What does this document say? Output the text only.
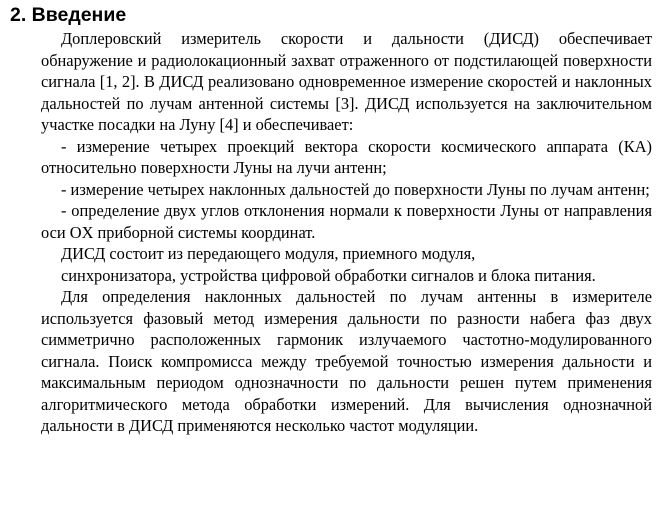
2. Введение

Доплеровский измеритель скорости и дальности (ДИСД) обеспечивает обнаружение и радиолокационный захват отраженного от подстилающей поверхности сигнала [1, 2]. В ДИСД реализовано одновременное измерение скоростей и наклонных дальностей по лучам антенной системы [3]. ДИСД используется на заключительном участке посадки на Луну [4] и обеспечивает:

- измерение четырех проекций вектора скорости космического аппарата (КА) относительно поверхности Луны на лучи антенн;

- измерение четырех наклонных дальностей до поверхности Луны по лучам антенн;

- определение двух углов отклонения нормали к поверхности Луны от направления оси OX приборной системы координат.

ДИСД состоит из передающего модуля, приемного модуля,

синхронизатора, устройства цифровой обработки сигналов и блока питания.

Для определения наклонных дальностей по лучам антенны в измерителе используется фазовый метод измерения дальности по разности набега фаз двух симметрично расположенных гармоник излучаемого частотно-модулированного сигнала. Поиск компромисса между требуемой точностью измерения дальности и максимальным периодом однозначности по дальности решен путем применения алгоритмического метода обработки измерений. Для вычисления однозначной дальности в ДИСД применяются несколько частот модуляции.
